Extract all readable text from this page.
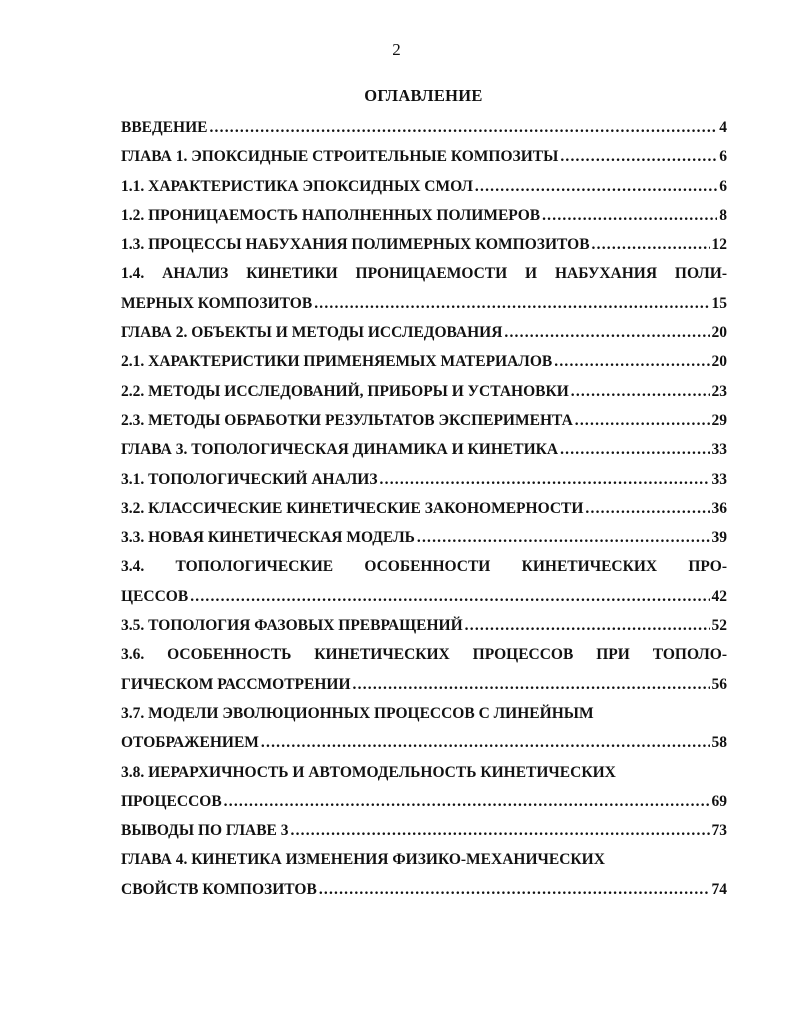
2
ОГЛАВЛЕНИЕ
ВВЕДЕНИЕ .....	4
ГЛАВА 1. ЭПОКСИДНЫЕ СТРОИТЕЛЬНЫЕ КОМПОЗИТЫ .....	6
1.1. ХАРАКТЕРИСТИКА ЭПОКСИДНЫХ СМОЛ .....	6
1.2. ПРОНИЦАЕМОСТЬ НАПОЛНЕННЫХ ПОЛИМЕРОВ .....	8
1.3. ПРОЦЕССЫ НАБУХАНИЯ ПОЛИМЕРНЫХ КОМПОЗИТОВ .....	12
1.4. АНАЛИЗ КИНЕТИКИ ПРОНИЦАЕМОСТИ И НАБУХАНИЯ ПОЛИ-
МЕРНЫХ КОМПОЗИТОВ .....	15
ГЛАВА 2. ОБЪЕКТЫ И МЕТОДЫ ИССЛЕДОВАНИЯ .....	20
2.1. ХАРАКТЕРИСТИКИ ПРИМЕНЯЕМЫХ МАТЕРИАЛОВ .....	20
2.2. МЕТОДЫ ИССЛЕДОВАНИЙ, ПРИБОРЫ И УСТАНОВКИ .....	23
2.3. МЕТОДЫ ОБРАБОТКИ РЕЗУЛЬТАТОВ ЭКСПЕРИМЕНТА .....	29
ГЛАВА 3. ТОПОЛОГИЧЕСКАЯ ДИНАМИКА И КИНЕТИКА .....	33
3.1. ТОПОЛОГИЧЕСКИЙ АНАЛИЗ .....	33
3.2. КЛАССИЧЕСКИЕ КИНЕТИЧЕСКИЕ ЗАКОНОМЕРНОСТИ .....	36
3.3. НОВАЯ КИНЕТИЧЕСКАЯ МОДЕЛЬ .....	39
3.4. ТОПОЛОГИЧЕСКИЕ ОСОБЕННОСТИ КИНЕТИЧЕСКИХ ПРО-
ЦЕССОВ .....	42
3.5. ТОПОЛОГИЯ ФАЗОВЫХ ПРЕВРАЩЕНИЙ .....	52
3.6. ОСОБЕННОСТЬ КИНЕТИЧЕСКИХ ПРОЦЕССОВ ПРИ ТОПОЛО-
ГИЧЕСКОМ РАССМОТРЕНИИ .....	56
3.7. МОДЕЛИ ЭВОЛЮЦИОННЫХ ПРОЦЕССОВ С ЛИНЕЙНЫМ
ОТОБРАЖЕНИЕМ .....	58
3.8. ИЕРАРХИЧНОСТЬ И АВТОМОДЕЛЬНОСТЬ КИНЕТИЧЕСКИХ
ПРОЦЕССОВ .....	69
ВЫВОДЫ ПО ГЛАВЕ 3 .....	73
ГЛАВА 4. КИНЕТИКА ИЗМЕНЕНИЯ ФИЗИКО-МЕХАНИЧЕСКИХ
СВОЙСТВ КОМПОЗИТОВ .....	74
